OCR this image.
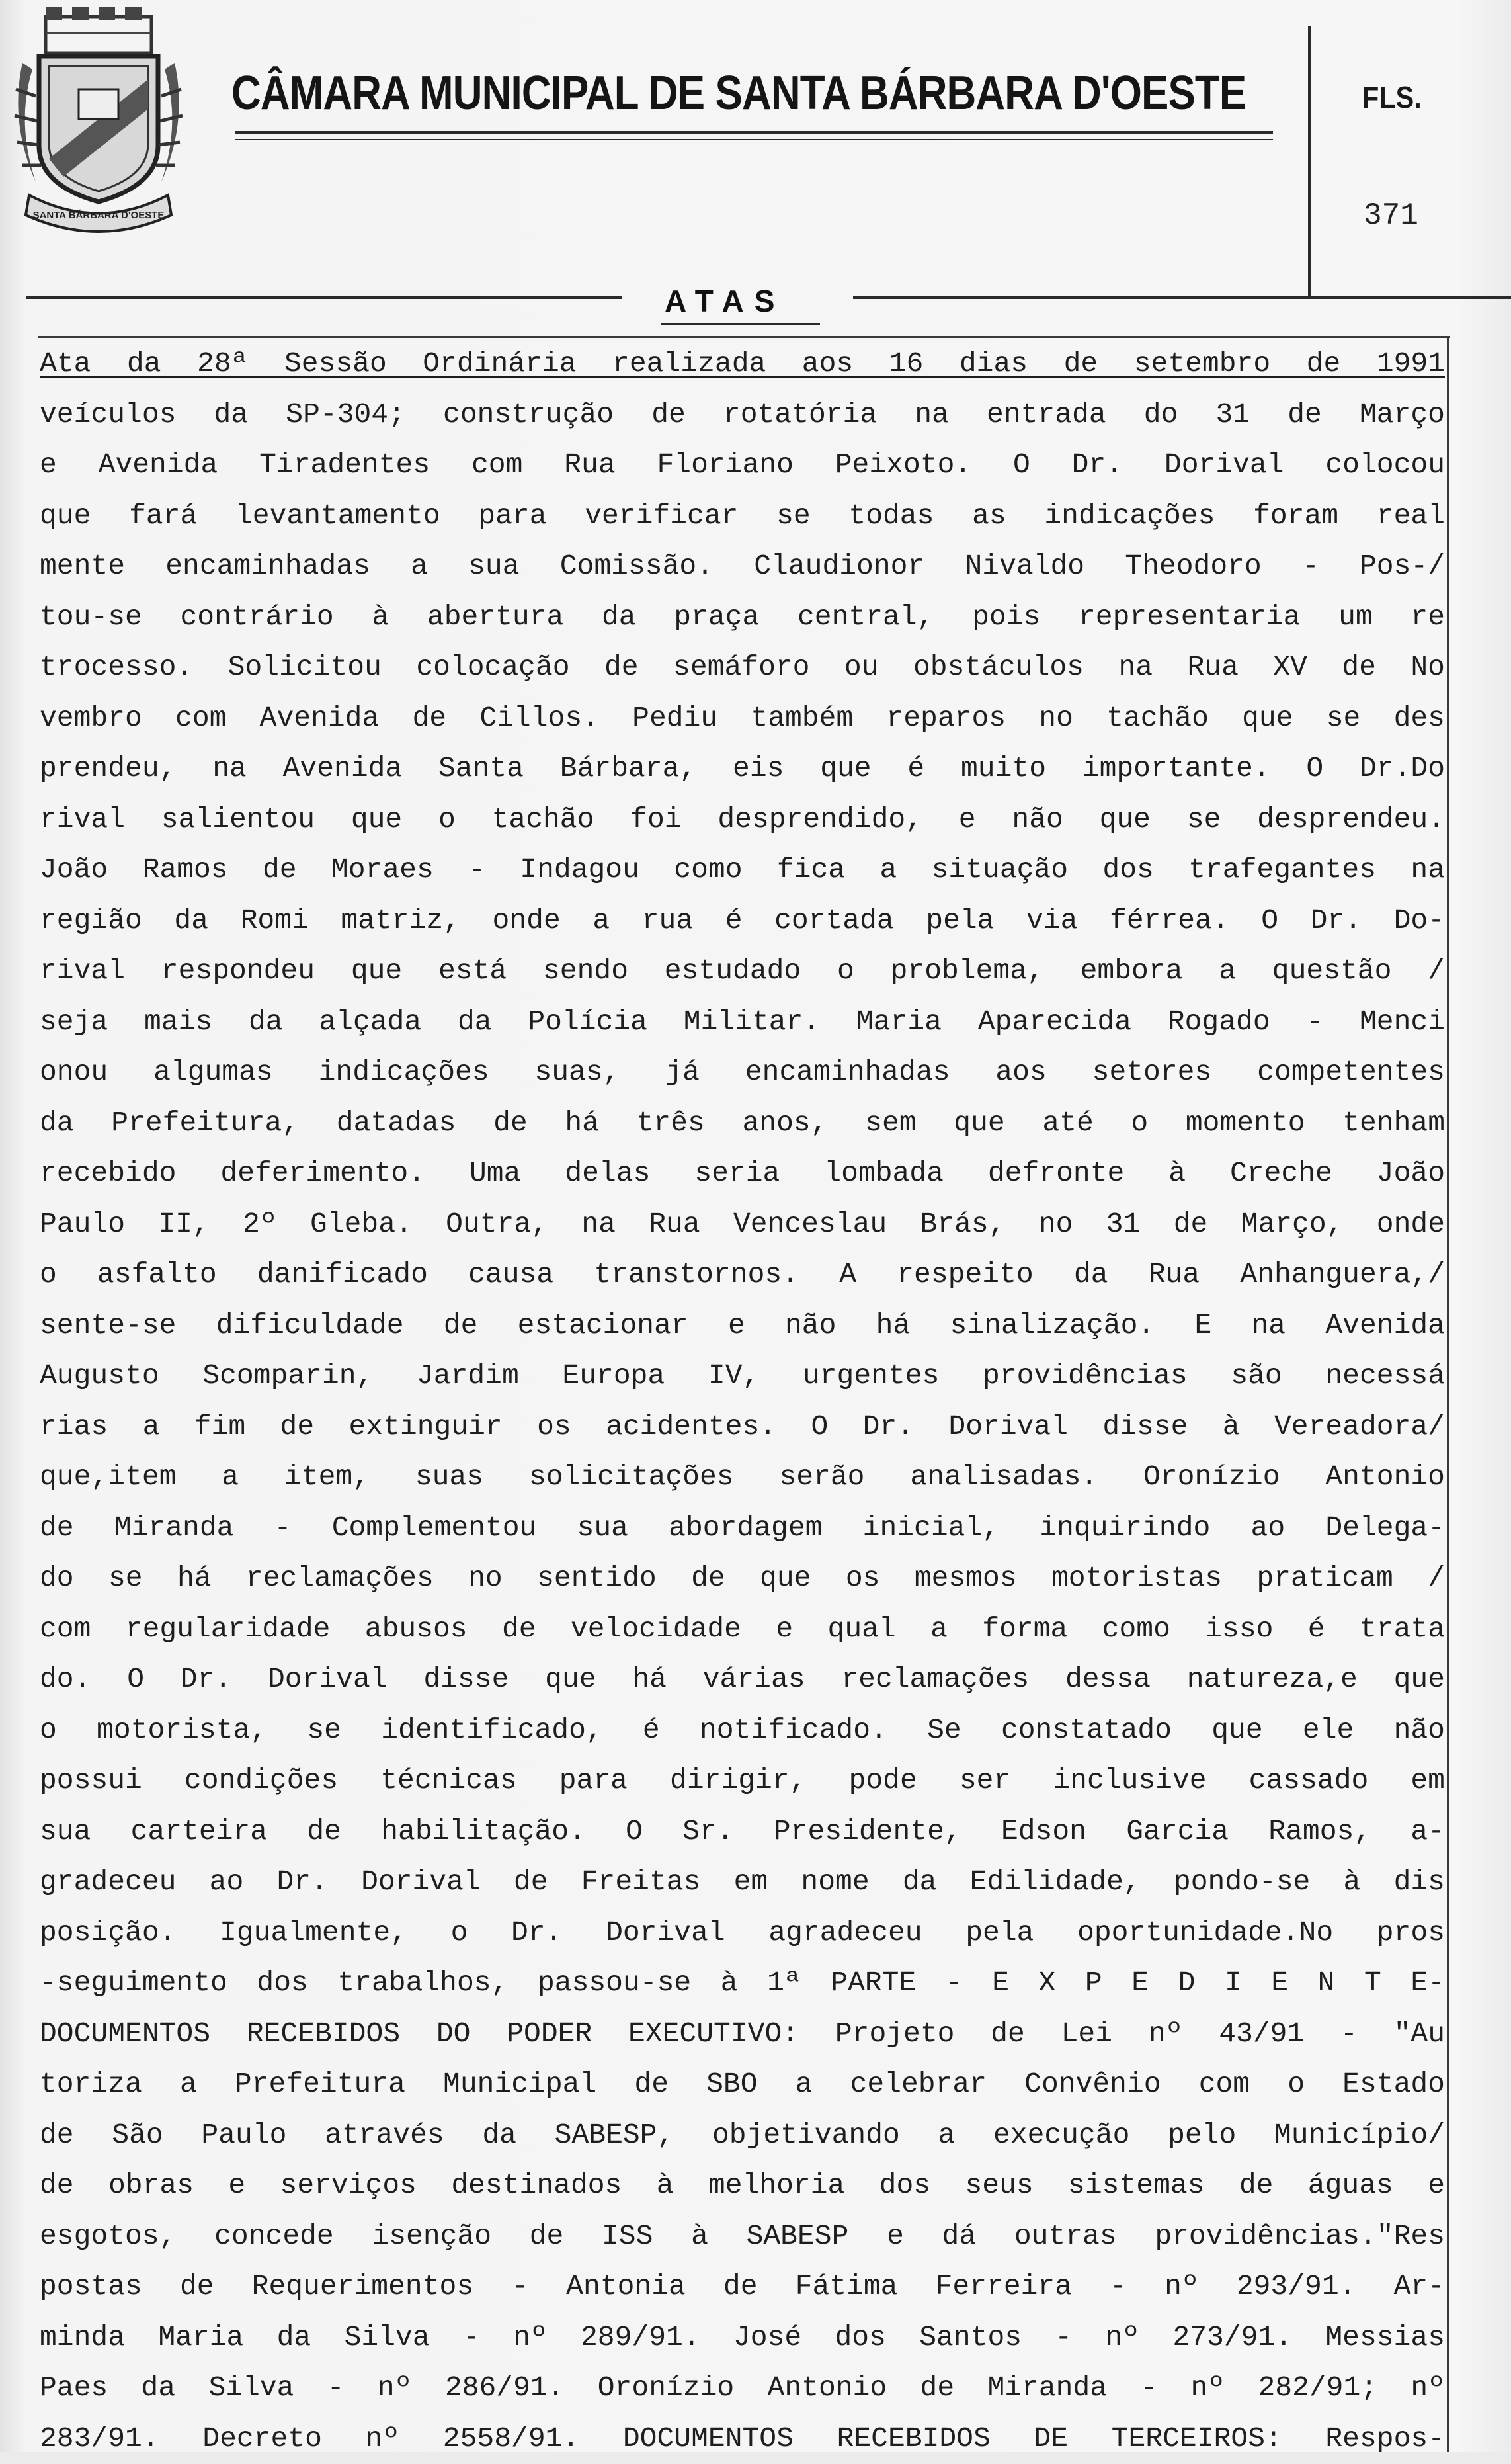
SANTA BÁRBARA D'OESTE
CÂMARA MUNICIPAL DE SANTA BÁRBARA D'OESTE	FLS.
371
ATAS
Ata da 28ª Sessão Ordinária realizada aos 16 dias de setembro de 1991
veículos da SP-304; construção de rotatória na entrada do 31 de Março
e Avenida Tiradentes com Rua Floriano Peixoto. O Dr. Dorival colocou
que fará levantamento para verificar se todas as indicações foram real
mente encaminhadas a sua Comissão. Claudionor Nivaldo Theodoro - Pos-/
tou-se contrário à abertura da praça central, pois representaria um re
trocesso. Solicitou colocação de semáforo ou obstáculos na Rua XV de No
vembro com Avenida de Cillos. Pediu também reparos no tachão que se des
prendeu, na Avenida Santa Bárbara, eis que é muito importante. O Dr.Do
rival salientou que o tachão foi desprendido, e não que se desprendeu.
João Ramos de Moraes - Indagou como fica a situação dos trafegantes na
região da Romi matriz, onde a rua é cortada pela via férrea. O Dr. Do-
rival respondeu que está sendo estudado o problema, embora a questão /
seja mais da alçada da Polícia Militar. Maria Aparecida Rogado - Menci
onou algumas indicações suas, já encaminhadas aos setores competentes
da Prefeitura, datadas de há três anos, sem que até o momento tenham
recebido deferimento. Uma delas seria lombada defronte à Creche João
Paulo II, 2º Gleba. Outra, na Rua Venceslau Brás, no 31 de Março, onde
o asfalto danificado causa transtornos. A respeito da Rua Anhanguera,/
sente-se dificuldade de estacionar e não há sinalização. E na Avenida
Augusto Scomparin, Jardim Europa IV, urgentes providências são necessá
rias a fim de extinguir os acidentes. O Dr. Dorival disse à Vereadora/
que,item a item, suas solicitações serão analisadas. Oronízio Antonio
de Miranda - Complementou sua abordagem inicial, inquirindo ao Delega-
do se há reclamações no sentido de que os mesmos motoristas praticam /
com regularidade abusos de velocidade e qual a forma como isso é trata
do. O Dr. Dorival disse que há várias reclamações dessa natureza,e que
o motorista, se identificado, é notificado. Se constatado que ele não
possui condições técnicas para dirigir, pode ser inclusive cassado em
sua carteira de habilitação. O Sr. Presidente, Edson Garcia Ramos, a-
gradeceu ao Dr. Dorival de Freitas em nome da Edilidade, pondo-se à dis
posição. Igualmente, o Dr. Dorival agradeceu pela oportunidade.No pros
-seguimento dos trabalhos, passou-se à 1ª PARTE - E X P E D I E N T E-
DOCUMENTOS RECEBIDOS DO PODER EXECUTIVO: Projeto de Lei nº 43/91 - "Au
toriza a Prefeitura Municipal de SBO a celebrar Convênio com o Estado
de São Paulo através da SABESP, objetivando a execução pelo Município/
de obras e serviços destinados à melhoria dos seus sistemas de águas e
esgotos, concede isenção de ISS à SABESP e dá outras providências."Res
postas de Requerimentos - Antonia de Fátima Ferreira - nº 293/91. Ar-
minda Maria da Silva - nº 289/91. José dos Santos - nº 273/91. Messias
Paes da Silva - nº 286/91. Oronízio Antonio de Miranda - nº 282/91; nº
283/91. Decreto nº 2558/91. DOCUMENTOS RECEBIDOS DE TERCEIROS: Respos-
